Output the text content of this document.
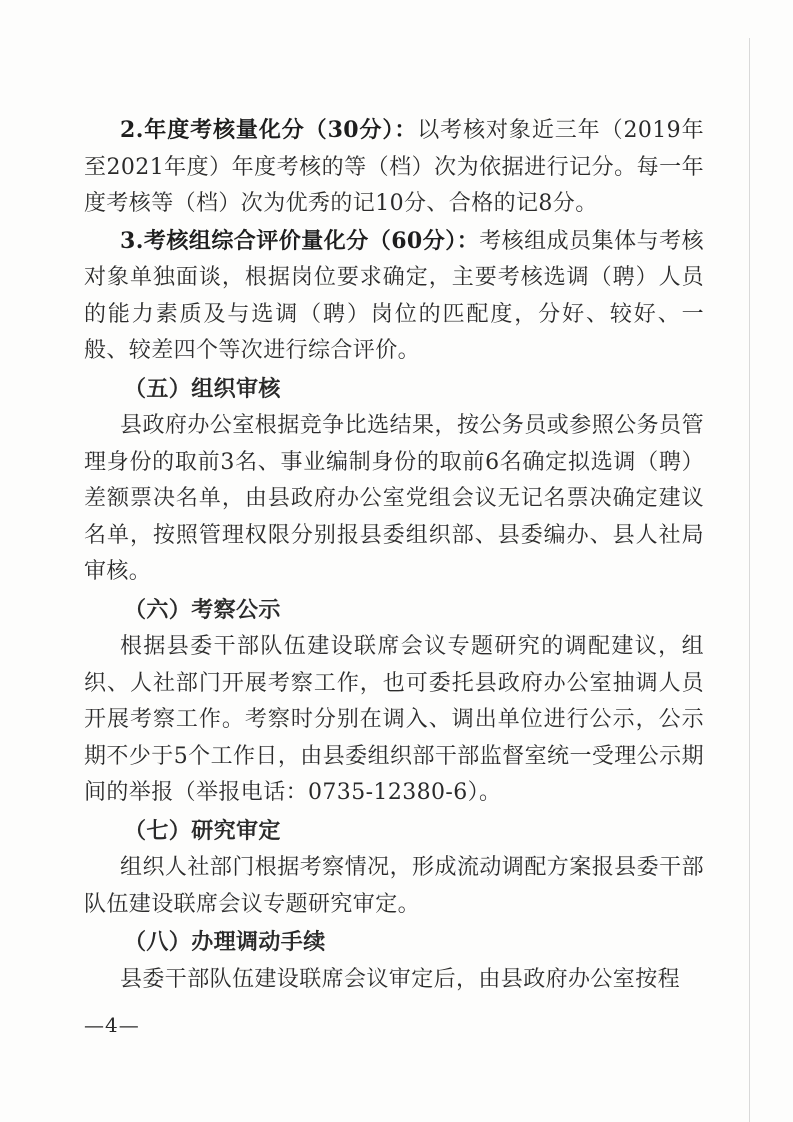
2.年度考核量化分（30分）：以考核对象近三年（2019年至2021年度）年度考核的等（档）次为依据进行记分。每一年度考核等（档）次为优秀的记10分、合格的记8分。

3.考核组综合评价量化分（60分）：考核组成员集体与考核对象单独面谈，根据岗位要求确定，主要考核选调（聘）人员的能力素质及与选调（聘）岗位的匹配度，分好、较好、一般、较差四个等次进行综合评价。

（五）组织审核

县政府办公室根据竞争比选结果，按公务员或参照公务员管理身份的取前3名、事业编制身份的取前6名确定拟选调（聘）差额票决名单，由县政府办公室党组会议无记名票决确定建议名单，按照管理权限分别报县委组织部、县委编办、县人社局审核。

（六）考察公示

根据县委干部队伍建设联席会议专题研究的调配建议，组织、人社部门开展考察工作，也可委托县政府办公室抽调人员开展考察工作。考察时分别在调入、调出单位进行公示，公示期不少于5个工作日，由县委组织部干部监督室统一受理公示期间的举报（举报电话：0735-12380-6）。

（七）研究审定

组织人社部门根据考察情况，形成流动调配方案报县委干部队伍建设联席会议专题研究审定。

（八）办理调动手续

县委干部队伍建设联席会议审定后，由县政府办公室按程

—4—
